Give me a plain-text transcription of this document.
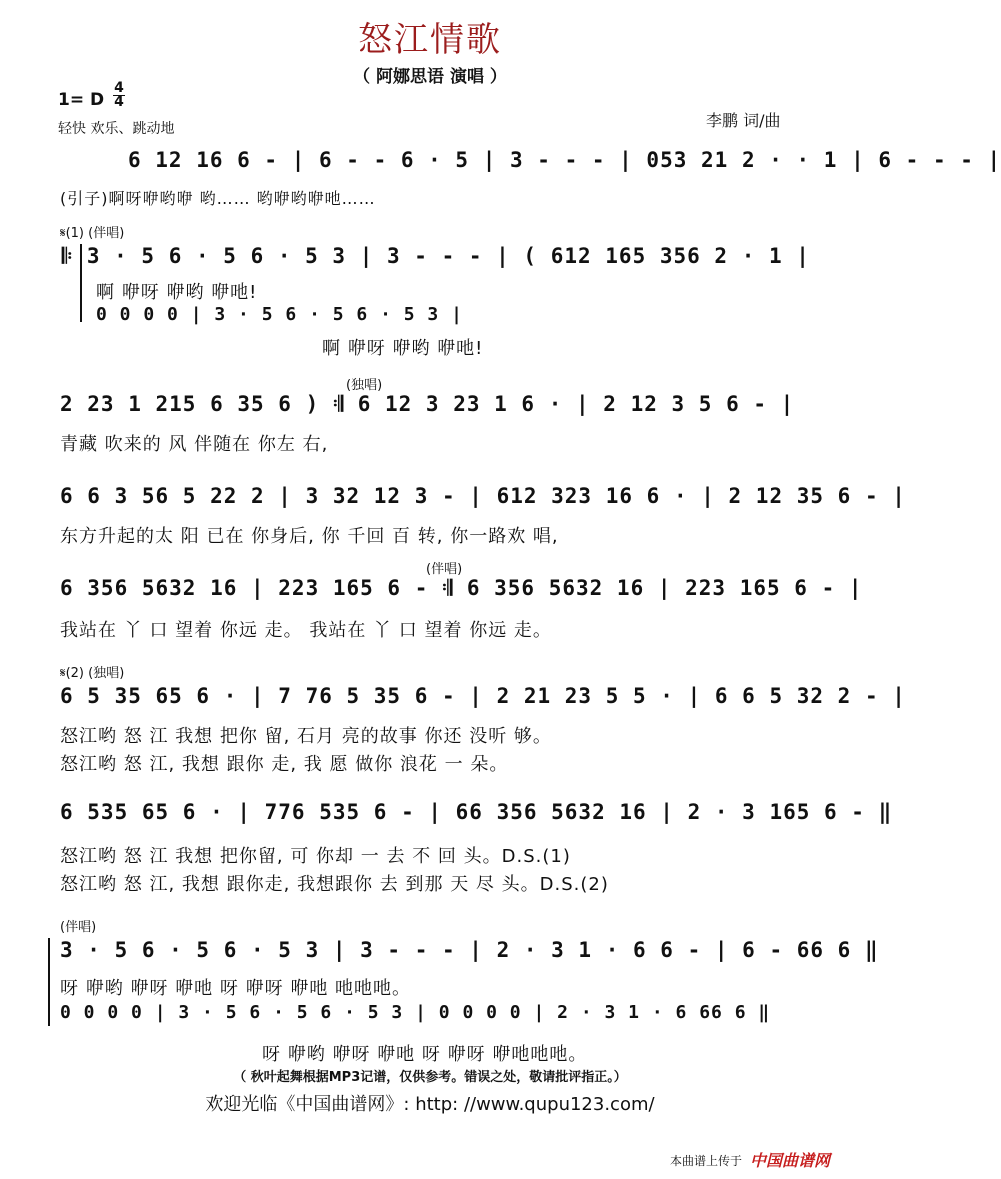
怒江情歌
（ 阿娜思语 演唱 ）
1= D
4
4
轻快 欢乐、跳动地	李鹏 词/曲
6 12 16 6 - | 6 - - 6 · 5 | 3 - - - | 053 21 2 · · 1 | 6 - - - |
(引子)啊呀咿哟咿 哟…… 哟咿哟咿吔……
𝄋(1) (伴唱)
𝄆 3 · 5 6 · 5 6 · 5 3 | 3 - - - | ( 612 165 356 2 · 1 |
啊 咿呀 咿哟 咿吔!
0 0 0 0 | 3 · 5 6 · 5 6 · 5 3 |
啊 咿呀 咿哟 咿吔!
(独唱)
2 23 1 215 6 35 6 ) 𝄇 6 12 3 23 1 6 · | 2 12 3 5 6 - |
青藏 吹来的 风 伴随在 你左 右,
6 6 3 56 5 22 2 | 3 32 12 3 - | 612 323 16 6 · | 2 12 35 6 - |
东方升起的太 阳 已在 你身后, 你 千回 百 转, 你一路欢 唱,
(伴唱)
6 356 5632 16 | 223 165 6 - 𝄇 6 356 5632 16 | 223 165 6 - |
我站在 丫 口 望着 你远 走。 我站在 丫 口 望着 你远 走。
𝄋(2) (独唱)
6 5 35 65 6 · | 7 76 5 35 6 - | 2 21 23 5 5 · | 6 6 5 32 2 - |
怒江哟 怒 江 我想 把你 留, 石月 亮的故事 你还 没听 够。
怒江哟 怒 江, 我想 跟你 走, 我 愿 做你 浪花 一 朵。
6 535 65 6 · | 776 535 6 - | 66 356 5632 16 | 2 · 3 165 6 - ‖
怒江哟 怒 江 我想 把你留, 可 你却 一 去 不 回 头。D.S.(1)
怒江哟 怒 江, 我想 跟你走, 我想跟你 去 到那 天 尽 头。D.S.(2)
(伴唱)
3 · 5 6 · 5 6 · 5 3 | 3 - - - | 2 · 3 1 · 6 6 - | 6 - 66 6 ‖
呀 咿哟 咿呀 咿吔 呀 咿呀 咿吔 吔吔吔。
0 0 0 0 | 3 · 5 6 · 5 6 · 5 3 | 0 0 0 0 | 2 · 3 1 · 6 66 6 ‖
呀 咿哟 咿呀 咿吔 呀 咿呀 咿吔吔吔。
（ 秋叶起舞根据MP3记谱，仅供参考。错误之处，敬请批评指正。）
欢迎光临《中国曲谱网》: http: //www.qupu123.com/
本曲谱上传于 中国曲谱网
